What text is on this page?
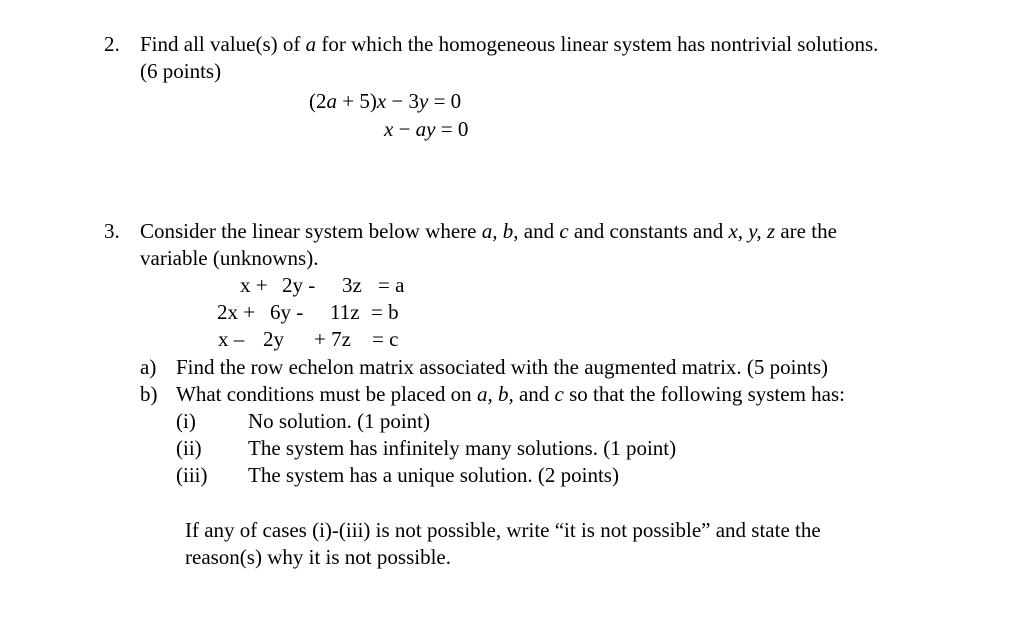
2. Find all value(s) of a for which the homogeneous linear system has nontrivial solutions.
(6 points)
(2a + 5)x − 3y = 0
x − ay = 0
3. Consider the linear system below where a, b, and c and constants and x, y, z are the
variable (unknowns).
x + 2y - 3z = a
2x + 6y - 11z = b
x – 2y + 7z = c
a) Find the row echelon matrix associated with the augmented matrix. (5 points)
b) What conditions must be placed on a, b, and c so that the following system has:
(i) No solution. (1 point)
(ii) The system has infinitely many solutions. (1 point)
(iii) The system has a unique solution. (2 points)
If any of cases (i)-(iii) is not possible, write “it is not possible” and state the
reason(s) why it is not possible.
